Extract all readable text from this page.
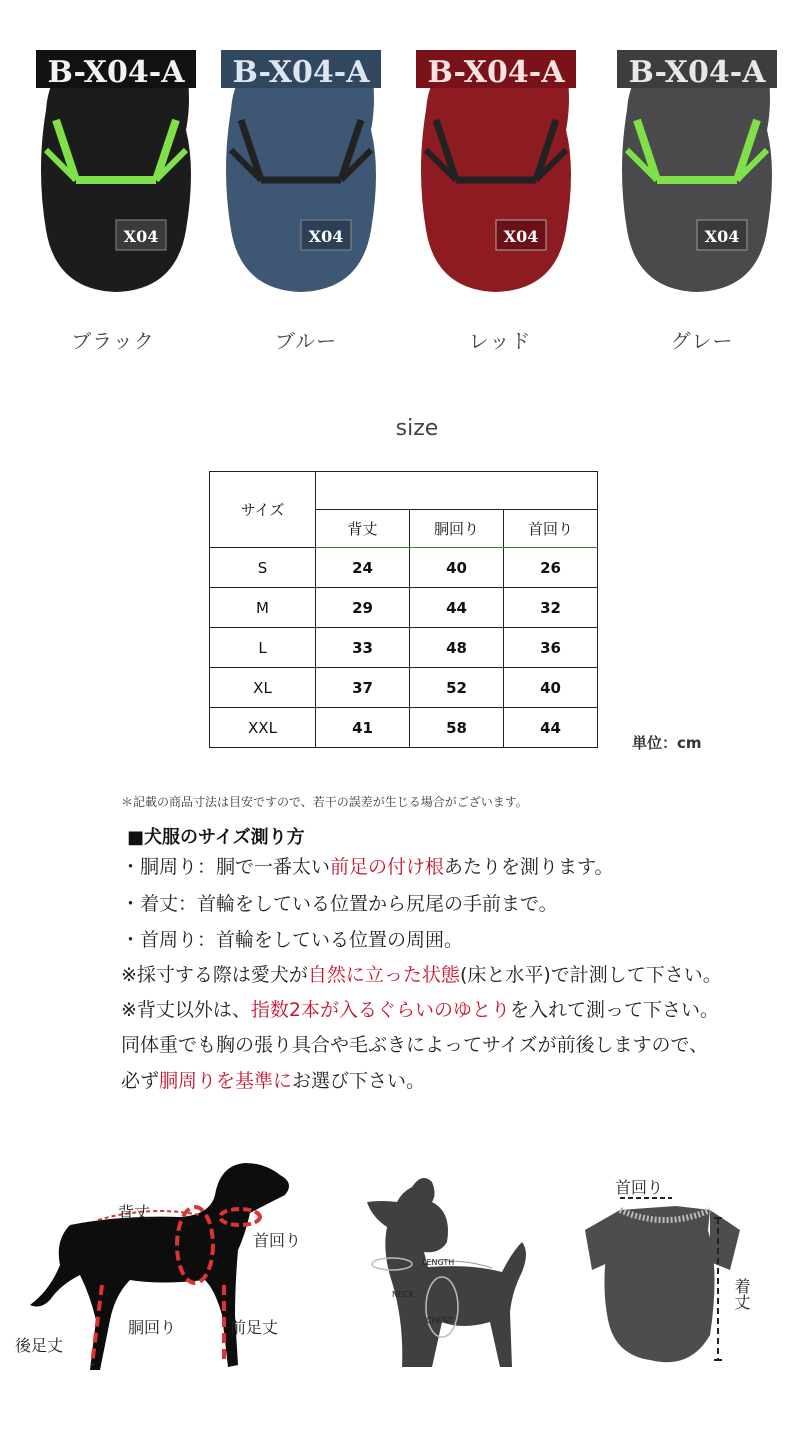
B-X04-A
X04
B-X04-A
X04
B-X04-A
X04
B-X04-A
X04
ブラック	ブルー	レッド	グレー
size
サイズ			
	背丈	胴回り	首回り
S	24	40	26
M	29	44	32
L	33	48	36
XL	37	52	40
XXL	41	58	44
単位：cm
＊記載の商品寸法は目安ですので、若干の誤差が生じる場合がございます。
■犬服のサイズ測り方
・胴周り：胴で一番太い前足の付け根あたりを測ります。
・着丈：首輪をしている位置から尻尾の手前まで。
・首周り：首輪をしている位置の周囲。
※採寸する際は愛犬が自然に立った状態(床と水平)で計測して下さい。
※背丈以外は、指数2本が入るぐらいのゆとりを入れて測って下さい。
同体重でも胸の張り具合や毛ぶきによってサイズが前後しますので、
必ず胴周りを基準にお選び下さい。
背丈
首回り
胴回り	前足丈
後足丈
LENGTH
NECK
CHEST
首回り
着丈
